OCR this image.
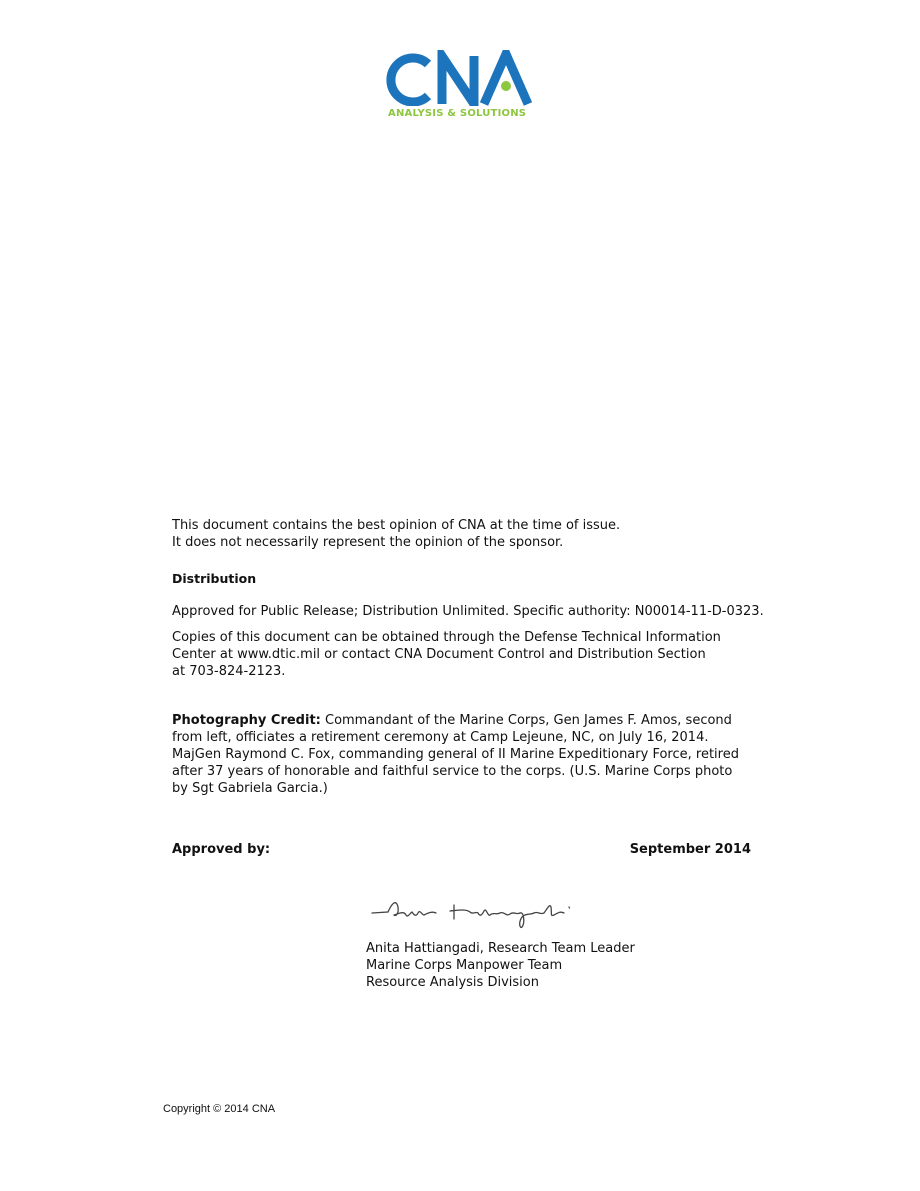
ANALYSIS & SOLUTIONS

This document contains the best opinion of CNA at the time of issue.

It does not necessarily represent the opinion of the sponsor.

Distribution
Approved for Public Release; Distribution Unlimited. Specific authority: N00014-11-D-0323.

Copies of this document can be obtained through the Defense Technical Information

Center at www.dtic.mil or contact CNA Document Control and Distribution Section

at 703-824-2123.

Photography Credit: Commandant of the Marine Corps, Gen James F. Amos, second

from left, officiates a retirement ceremony at Camp Lejeune, NC, on July 16, 2014.

MajGen Raymond C. Fox, commanding general of II Marine Expeditionary Force, retired

after 37 years of honorable and faithful service to the corps. (U.S. Marine Corps photo

by Sgt Gabriela Garcia.)

Approved by:	September 2014
Anita Hattiangadi, Research Team Leader
Marine Corps Manpower Team
Resource Analysis Division
Copyright © 2014 CNA
